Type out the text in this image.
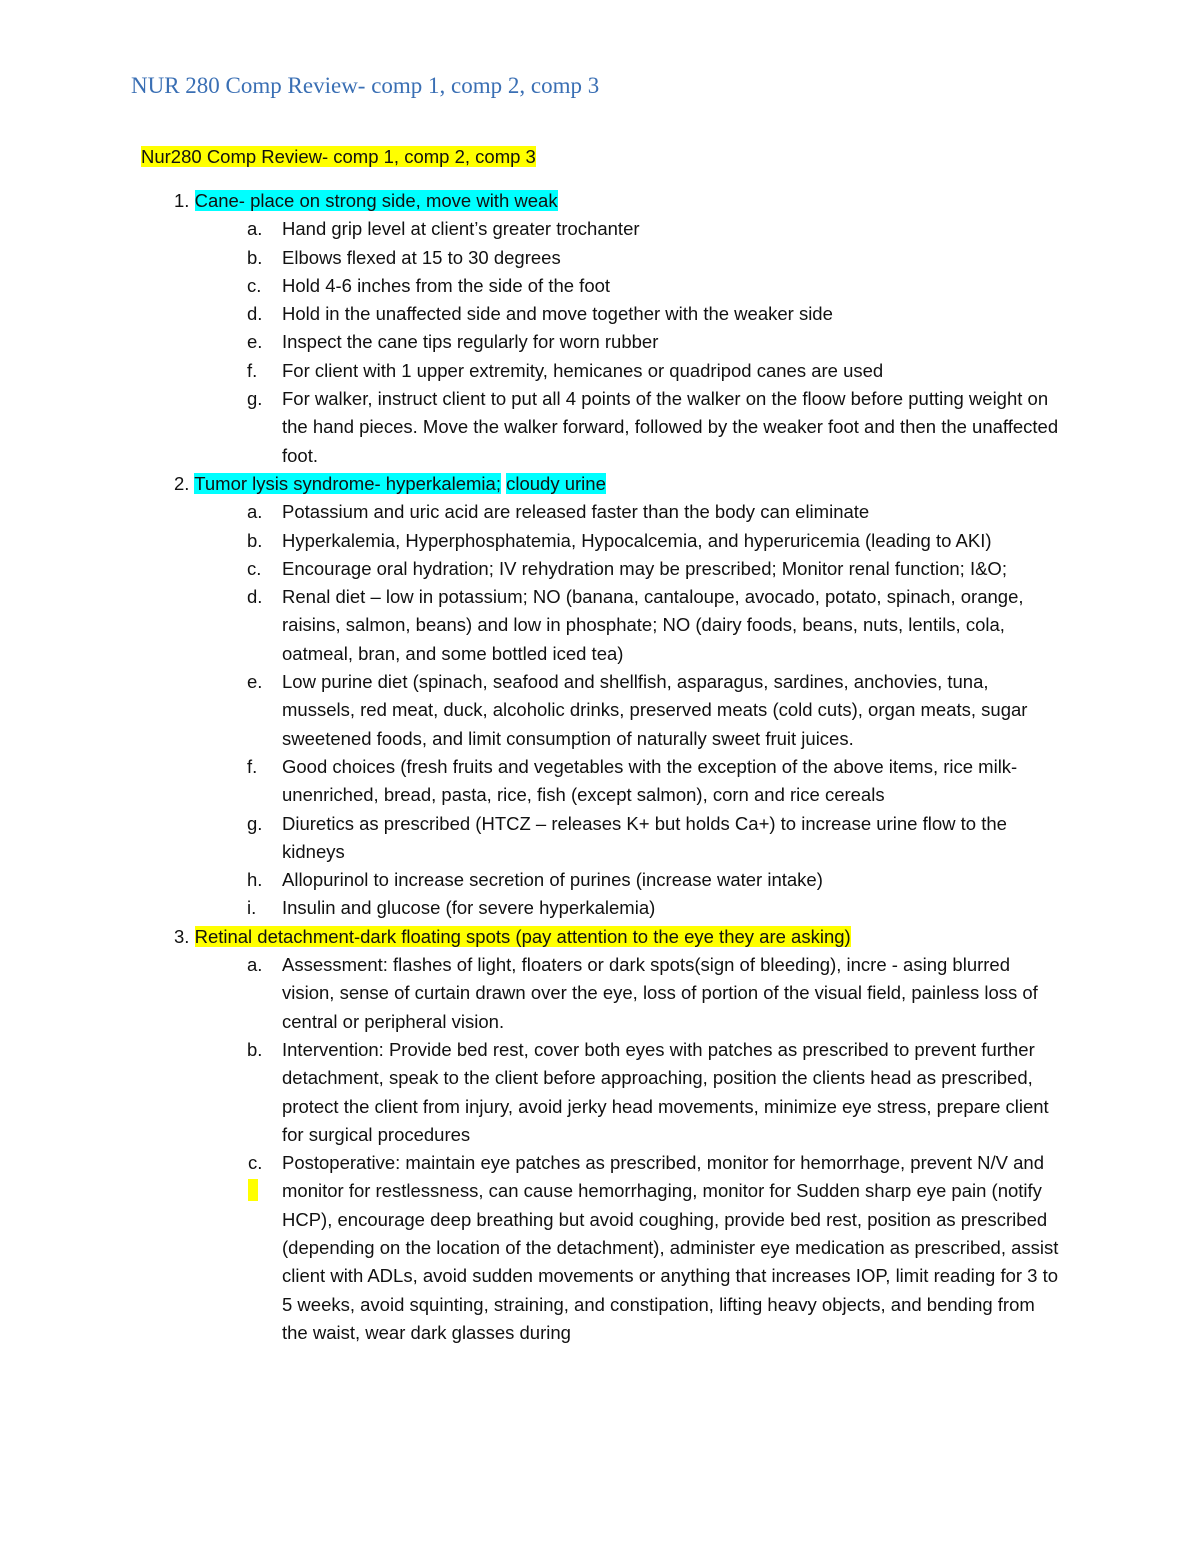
NUR 280 Comp Review- comp 1, comp 2, comp 3
Nur280 Comp Review- comp 1, comp 2, comp 3
1. Cane- place on strong side, move with weak
a.	Hand grip level at client’s greater trochanter
b.	Elbows flexed at 15 to 30 degrees
c.	Hold 4-6 inches from the side of the foot
d.	Hold in the unaffected side and move together with the weaker side
e.	Inspect the cane tips regularly for worn rubber
f.	For client with 1 upper extremity, hemicanes or quadripod canes are used
g.	For walker, instruct client to put all 4 points of the walker on the floow before putting weight on the hand pieces. Move the walker forward, followed by the weaker foot and then the unaffected foot.
2. Tumor lysis syndrome- hyperkalemia; cloudy urine
a.	Potassium and uric acid are released faster than the body can eliminate
b.	Hyperkalemia, Hyperphosphatemia, Hypocalcemia, and hyperuricemia (leading to AKI)
c.	Encourage oral hydration; IV rehydration may be prescribed; Monitor renal function; I&O;
d.	Renal diet – low in potassium; NO (banana, cantaloupe, avocado, potato, spinach, orange, raisins, salmon, beans) and low in phosphate; NO (dairy foods, beans, nuts, lentils, cola, oatmeal, bran, and some bottled iced tea)
e.	Low purine diet (spinach, seafood and shellfish, asparagus, sardines, anchovies, tuna, mussels, red meat, duck, alcoholic drinks, preserved meats (cold cuts), organ meats, sugar sweetened foods, and limit consumption of naturally sweet fruit juices.
f.	Good choices (fresh fruits and vegetables with the exception of the above items, rice milk-unenriched, bread, pasta, rice, fish (except salmon), corn and rice cereals
g.	Diuretics as prescribed (HTCZ – releases K+ but holds Ca+) to increase urine flow to the kidneys
h.	Allopurinol to increase secretion of purines (increase water intake)
i.	Insulin and glucose (for severe hyperkalemia)
3. Retinal detachment-dark floating spots (pay attention to the eye they are asking)
a.	Assessment: flashes of light, floaters or dark spots(sign of bleeding), incre - asing blurred vision, sense of curtain drawn over the eye, loss of portion of the visual field, painless loss of central or peripheral vision.
b.	Intervention: Provide bed rest, cover both eyes with patches as prescribed to prevent further detachment, speak to the client before approaching, position the clients head as prescribed, protect the client from injury, avoid jerky head movements, minimize eye stress, prepare client for surgical procedures
c.	Postoperative: maintain eye patches as prescribed, monitor for hemorrhage, prevent N/V and monitor for restlessness, can cause hemorrhaging, monitor for Sudden sharp eye pain (notify HCP), encourage deep breathing but avoid coughing, provide bed rest, position as prescribed (depending on the location of the detachment), administer eye medication as prescribed, assist client with ADLs, avoid sudden movements or anything that increases IOP, limit reading for 3 to 5 weeks, avoid squinting, straining, and constipation, lifting heavy objects, and bending from the waist, wear dark glasses during
